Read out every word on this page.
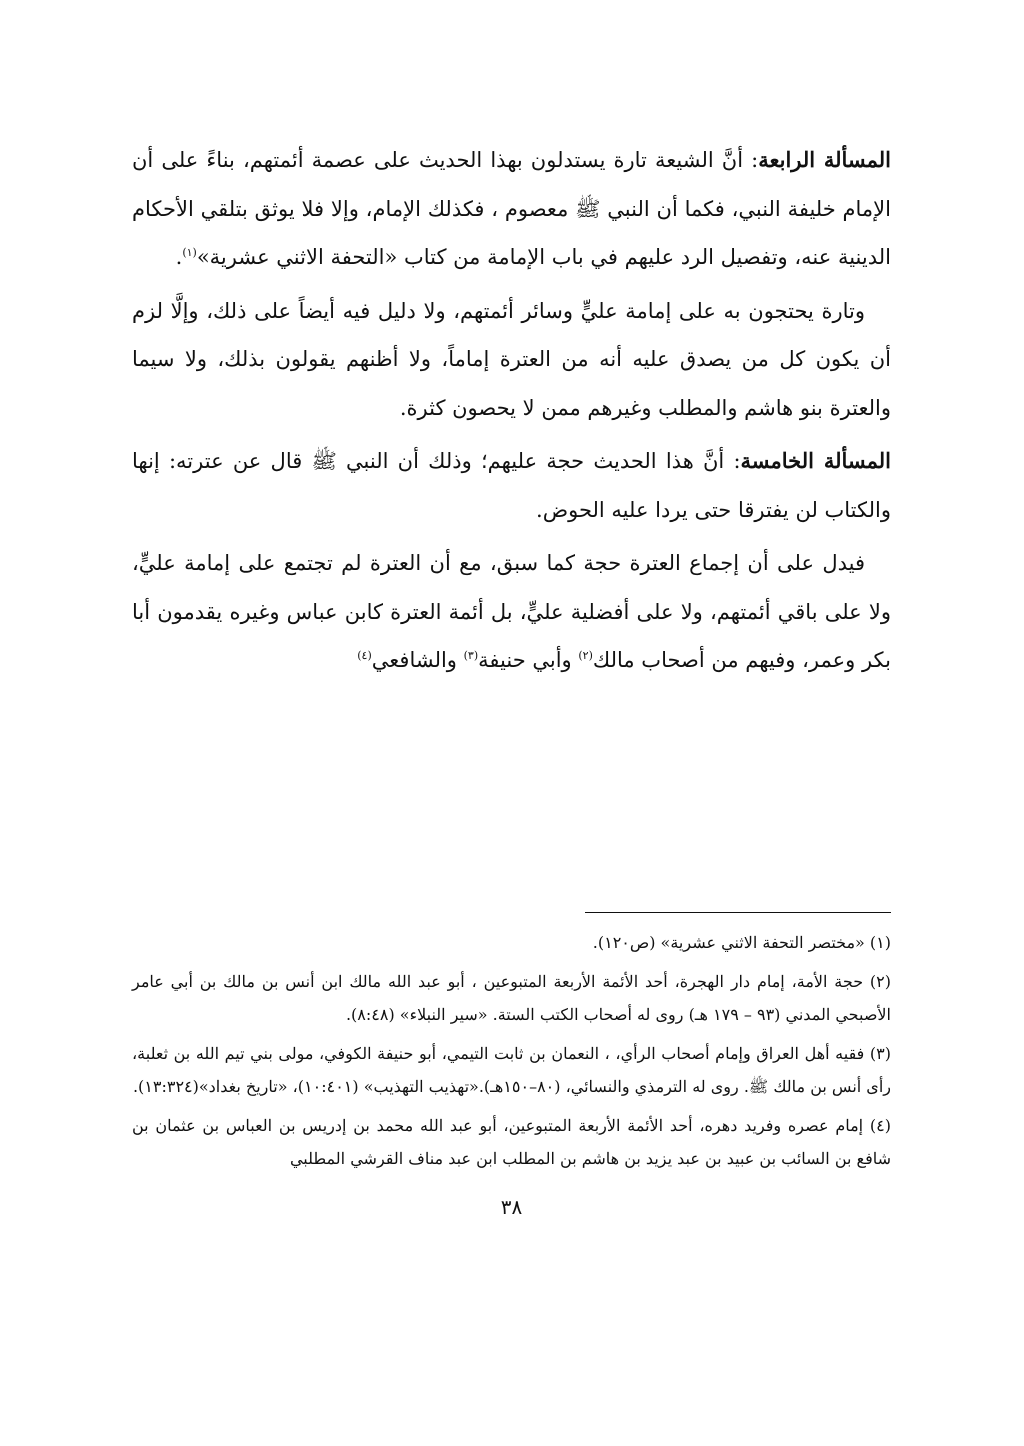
المسألة الرابعة: أنَّ الشيعة تارة يستدلون بهذا الحديث على عصمة أئمتهم، بناءً على أن الإمام خليفة النبي، فكما أن النبي ﷺ معصوم ، فكذلك الإمام، وإلا فلا يوثق بتلقي الأحكام الدينية عنه، وتفصيل الرد عليهم في باب الإمامة من كتاب «التحفة الاثني عشرية»$^{(١)}$.

وتارة يحتجون به على إمامة عليٍّ وسائر أئمتهم، ولا دليل فيه أيضاً على ذلك، وإلَّا لزم أن يكون كل من يصدق عليه أنه من العترة إماماً، ولا أظنهم يقولون بذلك، ولا سيما والعترة بنو هاشم والمطلب وغيرهم ممن لا يحصون كثرة.

المسألة الخامسة: أنَّ هذا الحديث حجة عليهم؛ وذلك أن النبي ﷺ قال عن عترته: إنها والكتاب لن يفترقا حتى يردا عليه الحوض.

فيدل على أن إجماع العترة حجة كما سبق، مع أن العترة لم تجتمع على إمامة عليٍّ، ولا على باقي أئمتهم، ولا على أفضلية عليٍّ، بل أئمة العترة كابن عباس وغيره يقدمون أبا بكر وعمر، وفيهم من أصحاب مالك$^{(٢)}$ وأبي حنيفة$^{(٣)}$ والشافعي$^{(٤)}$

(١) «مختصر التحفة الاثني عشرية» (ص١٢٠).

(٢) حجة الأمة، إمام دار الهجرة، أحد الأئمة الأربعة المتبوعين ، أبو عبد الله مالك ابن أنس بن مالك بن أبي عامر الأصبحي المدني (٩٣ – ١٧٩ هـ) روى له أصحاب الكتب الستة. «سير النبلاء» (٨:٤٨).

(٣) فقيه أهل العراق وإمام أصحاب الرأي، ، النعمان بن ثابت التيمي، أبو حنيفة الكوفي، مولى بني تيم الله بن ثعلبة، رأى أنس بن مالك ﷺ. روى له الترمذي والنسائي، (٨٠–١٥٠هـ).«تهذيب التهذيب» (١٠:٤٠١)، «تاريخ بغداد»(١٣:٣٢٤).

(٤) إمام عصره وفريد دهره، أحد الأئمة الأربعة المتبوعين، أبو عبد الله محمد بن إدريس بن العباس بن عثمان بن شافع بن السائب بن عبيد بن عبد يزيد بن هاشم بن المطلب ابن عبد مناف القرشي المطلبي

٣٨
